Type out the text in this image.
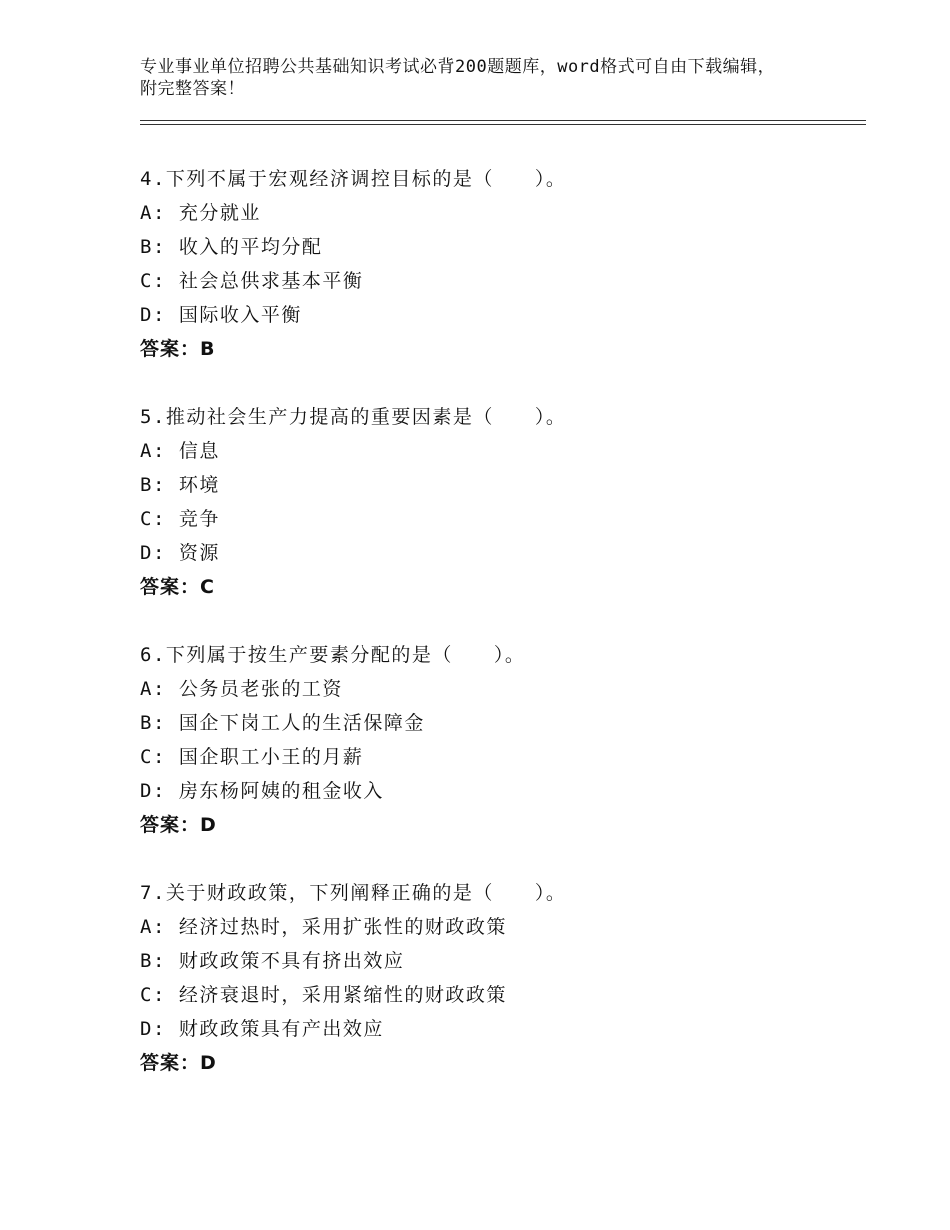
专业事业单位招聘公共基础知识考试必背200题题库，word格式可自由下载编辑，附完整答案！
4.下列不属于宏观经济调控目标的是（　　）。
A: 充分就业
B: 收入的平均分配
C: 社会总供求基本平衡
D: 国际收入平衡
答案：B
5.推动社会生产力提高的重要因素是（　　）。
A: 信息
B: 环境
C: 竞争
D: 资源
答案：C
6.下列属于按生产要素分配的是（　　）。
A: 公务员老张的工资
B: 国企下岗工人的生活保障金
C: 国企职工小王的月薪
D: 房东杨阿姨的租金收入
答案：D
7.关于财政政策，下列阐释正确的是（　　）。
A: 经济过热时，采用扩张性的财政政策
B: 财政政策不具有挤出效应
C: 经济衰退时，采用紧缩性的财政政策
D: 财政政策具有产出效应
答案：D
